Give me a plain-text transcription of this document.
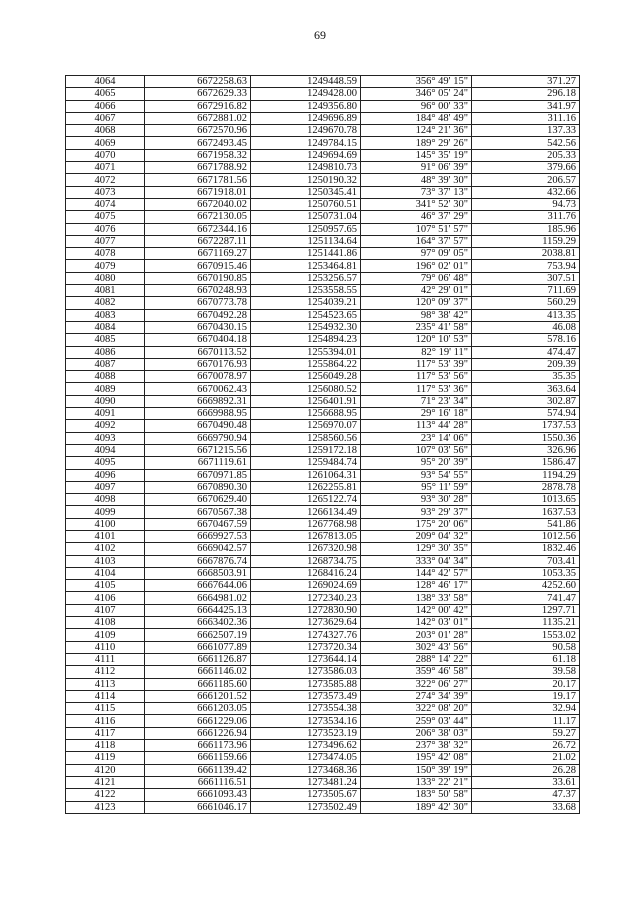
69
4064	6672258.63	1249448.59	356° 49' 15"	371.27
4065	6672629.33	1249428.00	346° 05' 24"	296.18
4066	6672916.82	1249356.80	96° 00' 33"	341.97
4067	6672881.02	1249696.89	184° 48' 49"	311.16
4068	6672570.96	1249670.78	124° 21' 36"	137.33
4069	6672493.45	1249784.15	189° 29' 26"	542.56
4070	6671958.32	1249694.69	145° 35' 19"	205.33
4071	6671788.92	1249810.73	91° 06' 39"	379.66
4072	6671781.56	1250190.32	48° 39' 30"	206.57
4073	6671918.01	1250345.41	73° 37' 13"	432.66
4074	6672040.02	1250760.51	341° 52' 30"	94.73
4075	6672130.05	1250731.04	46° 37' 29"	311.76
4076	6672344.16	1250957.65	107° 51' 57"	185.96
4077	6672287.11	1251134.64	164° 37' 57"	1159.29
4078	6671169.27	1251441.86	97° 09' 05"	2038.81
4079	6670915.46	1253464.81	196° 02' 01"	753.94
4080	6670190.85	1253256.57	79° 06' 48"	307.51
4081	6670248.93	1253558.55	42° 29' 01"	711.69
4082	6670773.78	1254039.21	120° 09' 37"	560.29
4083	6670492.28	1254523.65	98° 38' 42"	413.35
4084	6670430.15	1254932.30	235° 41' 58"	46.08
4085	6670404.18	1254894.23	120° 10' 53"	578.16
4086	6670113.52	1255394.01	82° 19' 11"	474.47
4087	6670176.93	1255864.22	117° 53' 39"	209.39
4088	6670078.97	1256049.28	117° 53' 56"	35.35
4089	6670062.43	1256080.52	117° 53' 36"	363.64
4090	6669892.31	1256401.91	71° 23' 34"	302.87
4091	6669988.95	1256688.95	29° 16' 18"	574.94
4092	6670490.48	1256970.07	113° 44' 28"	1737.53
4093	6669790.94	1258560.56	23° 14' 06"	1550.36
4094	6671215.56	1259172.18	107° 03' 56"	326.96
4095	6671119.61	1259484.74	95° 20' 39"	1586.47
4096	6670971.85	1261064.31	93° 54' 55"	1194.29
4097	6670890.30	1262255.81	95° 11' 59"	2878.78
4098	6670629.40	1265122.74	93° 30' 28"	1013.65
4099	6670567.38	1266134.49	93° 29' 37"	1637.53
4100	6670467.59	1267768.98	175° 20' 06"	541.86
4101	6669927.53	1267813.05	209° 04' 32"	1012.56
4102	6669042.57	1267320.98	129° 30' 35"	1832.46
4103	6667876.74	1268734.75	333° 04' 34"	703.41
4104	6668503.91	1268416.24	144° 42' 57"	1053.35
4105	6667644.06	1269024.69	128° 46' 17"	4252.60
4106	6664981.02	1272340.23	138° 33' 58"	741.47
4107	6664425.13	1272830.90	142° 00' 42"	1297.71
4108	6663402.36	1273629.64	142° 03' 01"	1135.21
4109	6662507.19	1274327.76	203° 01' 28"	1553.02
4110	6661077.89	1273720.34	302° 43' 56"	90.58
4111	6661126.87	1273644.14	288° 14' 22"	61.18
4112	6661146.02	1273586.03	359° 46' 58"	39.58
4113	6661185.60	1273585.88	322° 06' 27"	20.17
4114	6661201.52	1273573.49	274° 34' 39"	19.17
4115	6661203.05	1273554.38	322° 08' 20"	32.94
4116	6661229.06	1273534.16	259° 03' 44"	11.17
4117	6661226.94	1273523.19	206° 38' 03"	59.27
4118	6661173.96	1273496.62	237° 38' 32"	26.72
4119	6661159.66	1273474.05	195° 42' 08"	21.02
4120	6661139.42	1273468.36	150° 39' 19"	26.28
4121	6661116.51	1273481.24	133° 22' 21"	33.61
4122	6661093.43	1273505.67	183° 50' 58"	47.37
4123	6661046.17	1273502.49	189° 42' 30"	33.68
